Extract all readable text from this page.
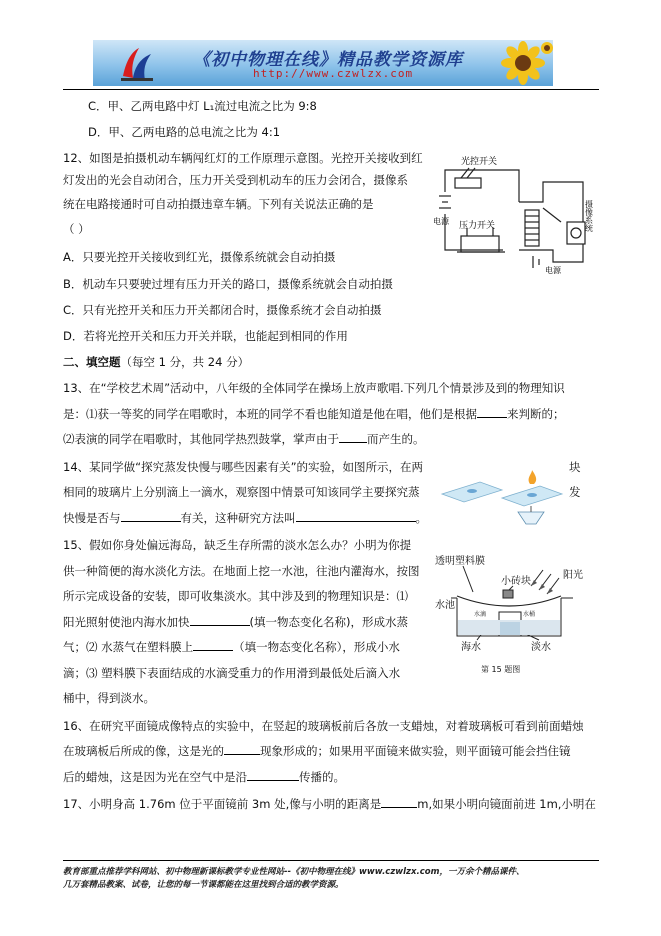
《初中物理在线》精品教学资源库
http://www.czwlzx.com
C．甲、乙两电路中灯 L₁流过电流之比为 9:8
D．甲、乙两电路的总电流之比为 4:1
12、如图是拍摄机动车辆闯红灯的工作原理示意图。光控开关接收到红
灯发出的光会自动闭合，压力开关受到机动车的压力会闭合，摄像系
统在电路接通时可自动拍摄违章车辆。下列有关说法正确的是
（ ）
A．只要光控开关接收到红光，摄像系统就会自动拍摄
B．机动车只要驶过埋有压力开关的路口，摄像系统就会自动拍摄
C．只有光控开关和压力开关都闭合时，摄像系统才会自动拍摄
D．若将光控开关和压力开关并联，也能起到相同的作用
光控开关
压力开关
电源
电源
摄像系统
二、填空题（每空 1 分，共 24 分）
13、在“学校艺术周”活动中，八年级的全体同学在操场上放声歌唱.下列几个情景涉及到的物理知识
是：⑴获一等奖的同学在唱歌时，本班的同学不看也能知道是他在唱，他们是根据	来判断的；
⑵表演的同学在唱歌时，其他同学热烈鼓掌，掌声由于 而产生的。
14、某同学做“探究蒸发快慢与哪些因素有关”的实验，如图所示，在两	块
相同的玻璃片上分别滴上一滴水，观察图中情景可知该同学主要探究蒸	发
快慢是否与	有关，这种研究方法叫	。
15、假如你身处偏远海岛，缺乏生存所需的淡水怎么办？小明为你提
供一种简便的海水淡化方法。在地面上挖一水池，往池内灌海水，按图
所示完成设备的安装，即可收集淡水。其中涉及到的物理知识是：⑴
阳光照射使池内海水加快	(填一物态变化名称)，形成水蒸
气；⑵ 水蒸气在塑料膜上	（填一物态变化名称），形成小水
滴；⑶ 塑料膜下表面结成的水滴受重力的作用滑到最低处后滴入水
桶中，得到淡水。
透明塑料膜
小砖块
阳光
水池
水滴	水桶
海水	淡水
第 15 题图
16、在研究平面镜成像特点的实验中，在竖起的玻璃板前后各放一支蜡烛，对着玻璃板可看到前面蜡烛
在玻璃板后所成的像，这是光的	现象形成的；如果用平面镜来做实验，则平面镜可能会挡住镜
后的蜡烛，这是因为光在空气中是沿	传播的。
17、小明身高 1.76m 位于平面镜前 3m 处,像与小明的距离是	m,如果小明向镜面前进 1m,小明在
教育部重点推荐学科网站、初中物理新课标教学专业性网站--《初中物理在线》www.czwlzx.com，一万余个精品课件、
几万套精品教案、试卷，让您的每一节课都能在这里找到合适的教学资源。
